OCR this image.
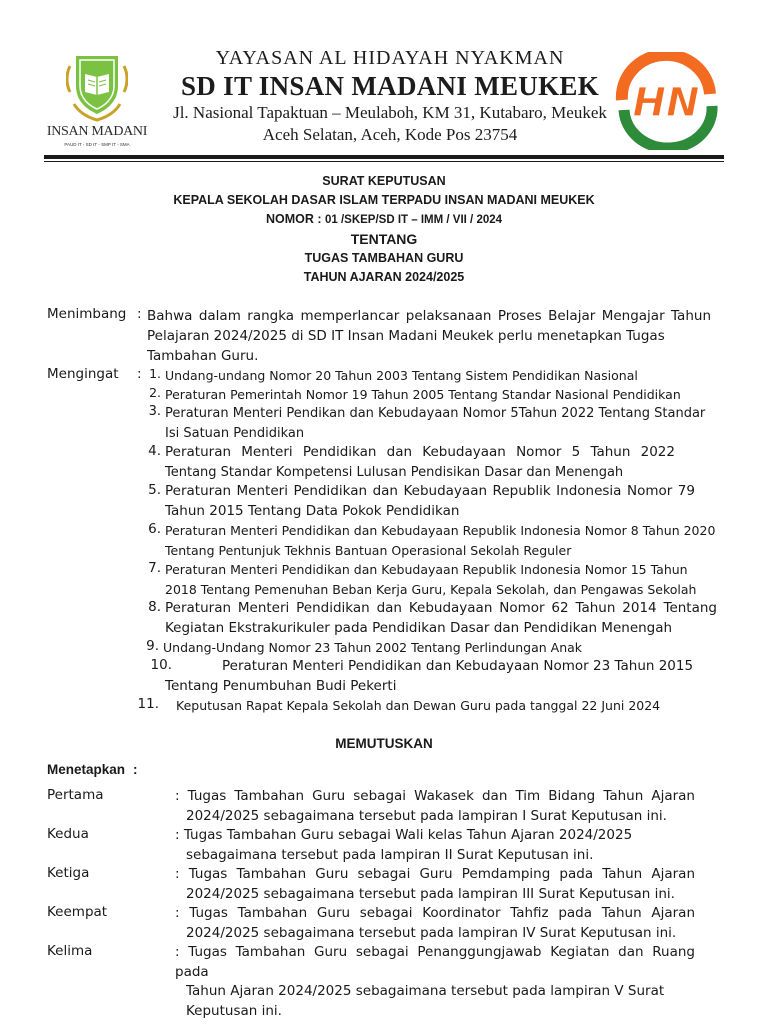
INSAN MADANI
PAUD IT - SD IT - SMP IT - SMA
YAYASAN AL HIDAYAH NYAKMAN
SD IT INSAN MADANI MEUKEK
Jl. Nasional Tapaktuan – Meulaboh, KM 31, Kutabaro, Meukek
Aceh Selatan, Aceh, Kode Pos 23754
HN
SURAT KEPUTUSAN
KEPALA SEKOLAH DASAR ISLAM TERPADU INSAN MADANI MEUKEK
NOMOR : 01 /SKEP/SD IT – IMM / VII / 2024
TENTANG
TUGAS TAMBAHAN GURU
TAHUN AJARAN 2024/2025
Menimbang : Bahwa dalam rangka memperlancar pelaksanaan Proses Belajar Mengajar Tahun
Pelajaran 2024/2025 di SD IT Insan Madani Meukek perlu menetapkan Tugas
Tambahan Guru.
Mengingat : 1. Undang-undang Nomor 20 Tahun 2003 Tentang Sistem Pendidikan Nasional
2. Peraturan Pemerintah Nomor 19 Tahun 2005 Tentang Standar Nasional Pendidikan
3. Peraturan Menteri Pendikan dan Kebudayaan Nomor 5Tahun 2022 Tentang Standar
Isi Satuan Pendidikan
4. Peraturan Menteri Pendidikan dan Kebudayaan Nomor 5 Tahun 2022
Tentang Standar Kompetensi Lulusan Pendisikan Dasar dan Menengah
5. Peraturan Menteri Pendidikan dan Kebudayaan Republik Indonesia Nomor 79
Tahun 2015 Tentang Data Pokok Pendidikan
6. Peraturan Menteri Pendidikan dan Kebudayaan Republik Indonesia Nomor 8 Tahun 2020
Tentang Pentunjuk Tekhnis Bantuan Operasional Sekolah Reguler
7. Peraturan Menteri Pendidikan dan Kebudayaan Republik Indonesia Nomor 15 Tahun
2018 Tentang Pemenuhan Beban Kerja Guru, Kepala Sekolah, dan Pengawas Sekolah
8. Peraturan Menteri Pendidikan dan Kebudayaan Nomor 62 Tahun 2014 Tentang
Kegiatan Ekstrakurikuler pada Pendidikan Dasar dan Pendidikan Menengah
9. Undang-Undang Nomor 23 Tahun 2002 Tentang Perlindungan Anak
10.	Peraturan Menteri Pendidikan dan Kebudayaan Nomor 23 Tahun 2015
Tentang Penumbuhan Budi Pekerti
11. Keputusan Rapat Kepala Sekolah dan Dewan Guru pada tanggal 22 Juni 2024
MEMUTUSKAN
Menetapkan :
Pertama	: Tugas Tambahan Guru sebagai Wakasek dan Tim Bidang Tahun Ajaran
2024/2025 sebagaimana tersebut pada lampiran I Surat Keputusan ini.
Kedua	: Tugas Tambahan Guru sebagai Wali kelas Tahun Ajaran 2024/2025
sebagaimana tersebut pada lampiran II Surat Keputusan ini.
Ketiga	: Tugas Tambahan Guru sebagai Guru Pemdamping pada Tahun Ajaran
2024/2025 sebagaimana tersebut pada lampiran III Surat Keputusan ini.
Keempat	: Tugas Tambahan Guru sebagai Koordinator Tahfiz pada Tahun Ajaran
2024/2025 sebagaimana tersebut pada lampiran IV Surat Keputusan ini.
Kelima	: Tugas Tambahan Guru sebagai Penanggungjawab Kegiatan dan Ruang pada
Tahun Ajaran 2024/2025 sebagaimana tersebut pada lampiran V Surat
Keputusan ini.
